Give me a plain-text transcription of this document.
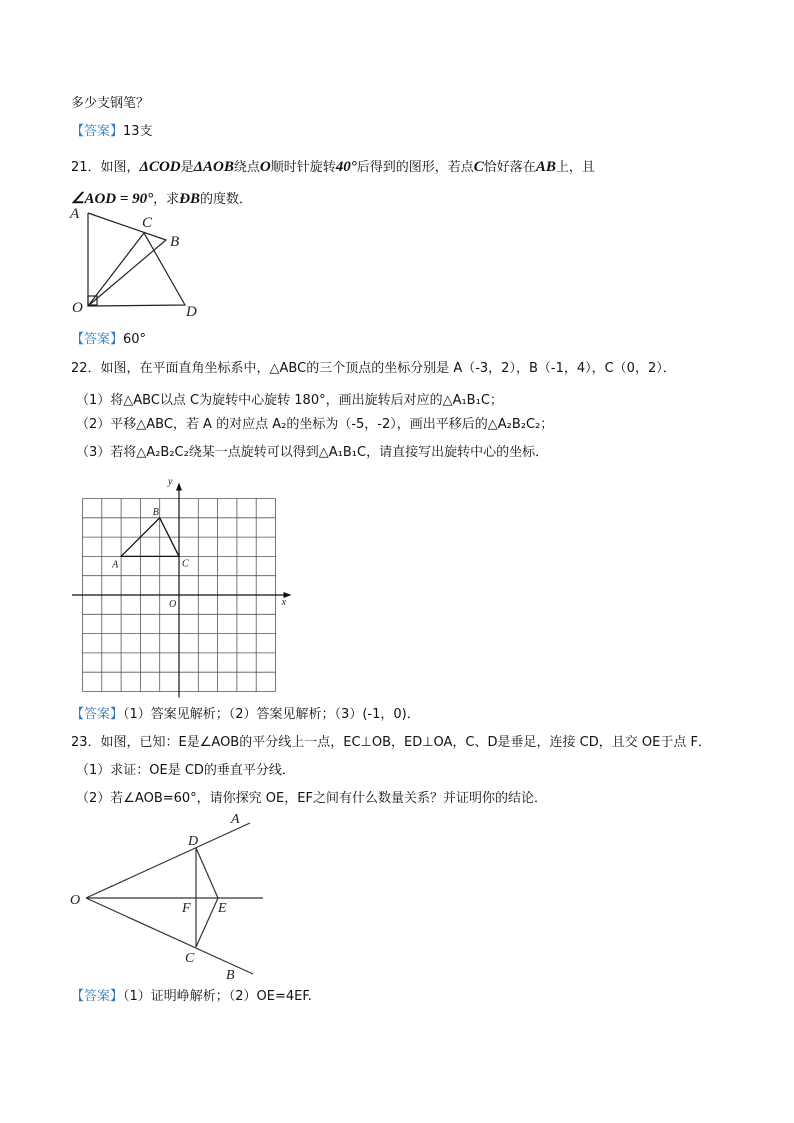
多少支钢笔？
【答案】13支
21．如图，ΔCOD是ΔAOB绕点O顺时针旋转40°后得到的图形，若点C恰好落在AB上，且
∠AOD = 90°，求ÐB的度数．
A
C
B
O	D
x
y
O
A
B
C
A
D
O
F E
C
B
【答案】60°
22．如图，在平面直角坐标系中，△ABC的三个顶点的坐标分别是 A（-3，2），B（-1，4），C（0，2）．
（1）将△ABC以点 C为旋转中心旋转 180°，画出旋转后对应的△A₁B₁C；
（2）平移△ABC，若 A 的对应点 A₂的坐标为（-5，-2），画出平移后的△A₂B₂C₂；
（3）若将△A₂B₂C₂绕某一点旋转可以得到△A₁B₁C，请直接写出旋转中心的坐标．
【答案】（1）答案见解析；（2）答案见解析；（3）(-1，0)．
23．如图，已知：E是∠AOB的平分线上一点，EC⊥OB，ED⊥OA，C、D是垂足，连接 CD，且交 OE于点 F．
（1）求证：OE是 CD的垂直平分线．
（2）若∠AOB=60°，请你探究 OE，EF之间有什么数量关系？并证明你的结论．
【答案】（1）证明峥解析；（2）OE=4EF.
